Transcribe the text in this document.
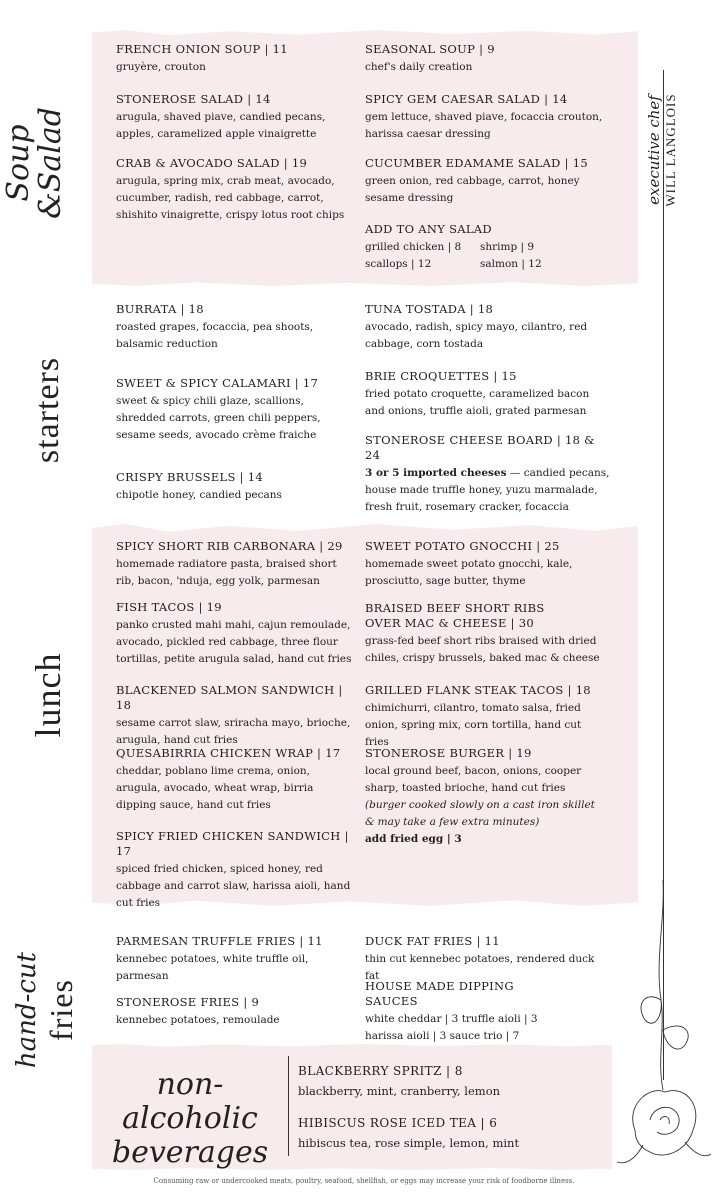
executive chef WILL LANGLOIS
Soup
&Salad
starters
lunch
hand-cut fries
FRENCH ONION SOUP | 11
gruyère, crouton
STONEROSE SALAD | 14
arugula, shaved piave, candied pecans, apples, caramelized apple vinaigrette
CRAB & AVOCADO SALAD | 19
arugula, spring mix, crab meat, avocado, cucumber, radish, red cabbage, carrot, shishito vinaigrette, crispy lotus root chips
SEASONAL SOUP | 9
chef's daily creation
SPICY GEM CAESAR SALAD | 14
gem lettuce, shaved piave, focaccia crouton, harissa caesar dressing
CUCUMBER EDAMAME SALAD | 15
green onion, red cabbage, carrot, honey sesame dressing
ADD TO ANY SALAD
grilled chicken | 8	shrimp | 9
scallops | 12	salmon | 12
BURRATA | 18
roasted grapes, focaccia, pea shoots, balsamic reduction
SWEET & SPICY CALAMARI | 17
sweet & spicy chili glaze, scallions, shredded carrots, green chili peppers, sesame seeds, avocado crème fraiche
CRISPY BRUSSELS | 14
chipotle honey, candied pecans
TUNA TOSTADA | 18
avocado, radish, spicy mayo, cilantro, red cabbage, corn tostada
BRIE CROQUETTES | 15
fried potato croquette, caramelized bacon and onions, truffle aioli, grated parmesan
STONEROSE CHEESE BOARD | 18 & 24
3 or 5 imported cheeses — candied pecans, house made truffle honey, yuzu marmalade, fresh fruit, rosemary cracker, focaccia
SPICY SHORT RIB CARBONARA | 29
homemade radiatore pasta, braised short rib, bacon, 'nduja, egg yolk, parmesan
FISH TACOS | 19
panko crusted mahi mahi, cajun remoulade, avocado, pickled red cabbage, three flour tortillas, petite arugula salad, hand cut fries
BLACKENED SALMON SANDWICH | 18
sesame carrot slaw, sriracha mayo, brioche, arugula, hand cut fries
QUESABIRRIA CHICKEN WRAP | 17
cheddar, poblano lime crema, onion, arugula, avocado, wheat wrap, birria dipping sauce, hand cut fries
SPICY FRIED CHICKEN SANDWICH | 17
spiced fried chicken, spiced honey, red cabbage and carrot slaw, harissa aioli, hand cut fries
SWEET POTATO GNOCCHI | 25
homemade sweet potato gnocchi, kale, prosciutto, sage butter, thyme
BRAISED BEEF SHORT RIBS OVER MAC & CHEESE | 30
grass-fed beef short ribs braised with dried chiles, crispy brussels, baked mac & cheese
GRILLED FLANK STEAK TACOS | 18
chimichurri, cilantro, tomato salsa, fried onion, spring mix, corn tortilla, hand cut fries
STONEROSE BURGER | 19
local ground beef, bacon, onions, cooper sharp, toasted brioche, hand cut fries
(burger cooked slowly on a cast iron skillet & may take a few extra minutes)
add fried egg | 3
PARMESAN TRUFFLE FRIES | 11
kennebec potatoes, white truffle oil, parmesan
STONEROSE FRIES | 9
kennebec potatoes, remoulade
DUCK FAT FRIES | 11
thin cut kennebec potatoes, rendered duck fat
HOUSE MADE DIPPING SAUCES
white cheddar | 3 truffle aioli | 3 harissa aioli | 3 sauce trio | 7
non-alcoholic
beverages
BLACKBERRY SPRITZ | 8
blackberry, mint, cranberry, lemon
HIBISCUS ROSE ICED TEA | 6
hibiscus tea, rose simple, lemon, mint
Consuming raw or undercooked meats, poultry, seafood, shellfish, or eggs may increase your risk of foodborne illness.
